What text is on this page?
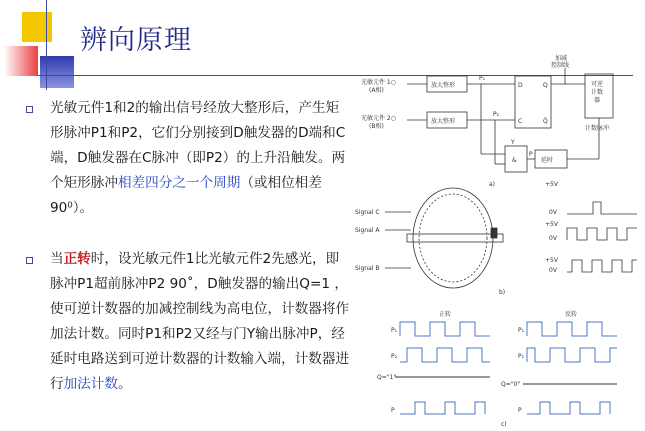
辨向原理
光敏元件1和2的输出信号经放大整形后，产生矩形脉冲P1和P2，它们分别接到D触发器的D端和C端，D触发器在C脉冲（即P2）的上升沿触发。两个矩形脉冲相差四分之一个周期（或相位相差90⁰）。
当正转时，设光敏元件1比光敏元件2先感光，即脉冲P1超前脉冲P2 90˚，D触发器的输出Q=1 ，使可逆计数器的加减控制线为高电位，计数器将作加法计数。同时P1和P2又经与门Y输出脉冲P，经延时电路送到可逆计数器的计数输入端，计数器进行加法计数。
光敏元件 1○
(A相)
光敏元件 2○
(B相)
放大整形
放大整形
P₁
P₂
加减
控制线
D	Q
C	Q̄
可逆
计数
器
Y
&
P
延时
计数脉冲
a)
Signal C
Signal A
Signal B
+5V
0V
+5V
0V
+5V
0V
b)
正转	反转
P₁
P₂
Q="1"
P
P₁
P₂
Q="0"
P
c)
